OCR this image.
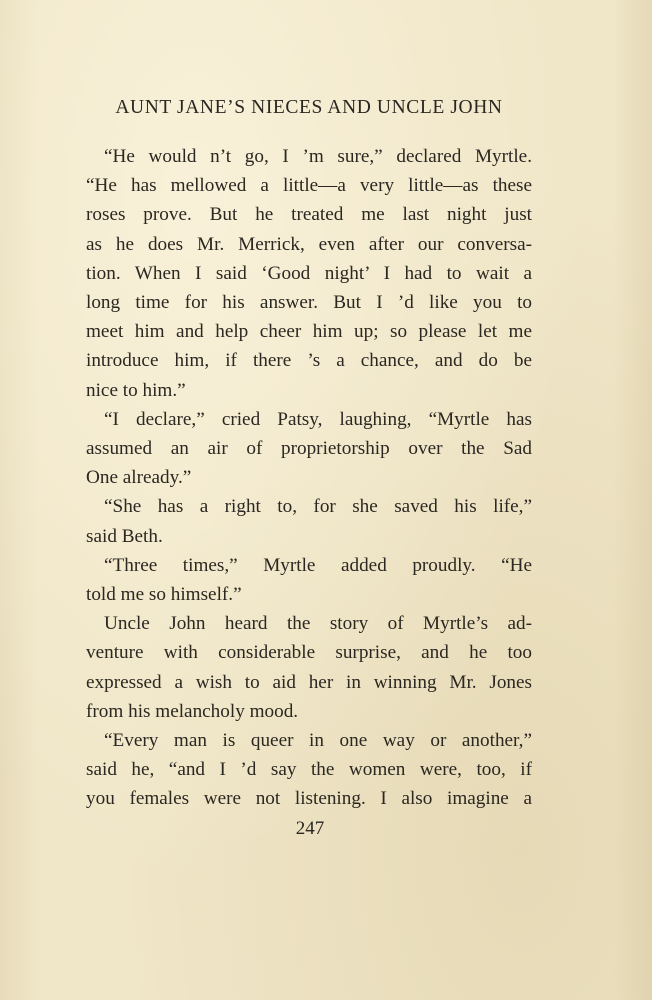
AUNT JANE’S NIECES AND UNCLE JOHN
“He would n’t go, I ’m sure,” declared Myrtle.
“He has mellowed a little—a very little—as these
roses prove. But he treated me last night just
as he does Mr. Merrick, even after our conversa-
tion. When I said ‘Good night’ I had to wait a
long time for his answer. But I ’d like you to
meet him and help cheer him up; so please let me
introduce him, if there ’s a chance, and do be
nice to him.”
“I declare,” cried Patsy, laughing, “Myrtle has
assumed an air of proprietorship over the Sad
One already.”
“She has a right to, for she saved his life,”
said Beth.
“Three times,” Myrtle added proudly. “He
told me so himself.”
Uncle John heard the story of Myrtle’s ad-
venture with considerable surprise, and he too
expressed a wish to aid her in winning Mr. Jones
from his melancholy mood.
“Every man is queer in one way or another,”
said he, “and I ’d say the women were, too, if
you females were not listening. I also imagine a
247
